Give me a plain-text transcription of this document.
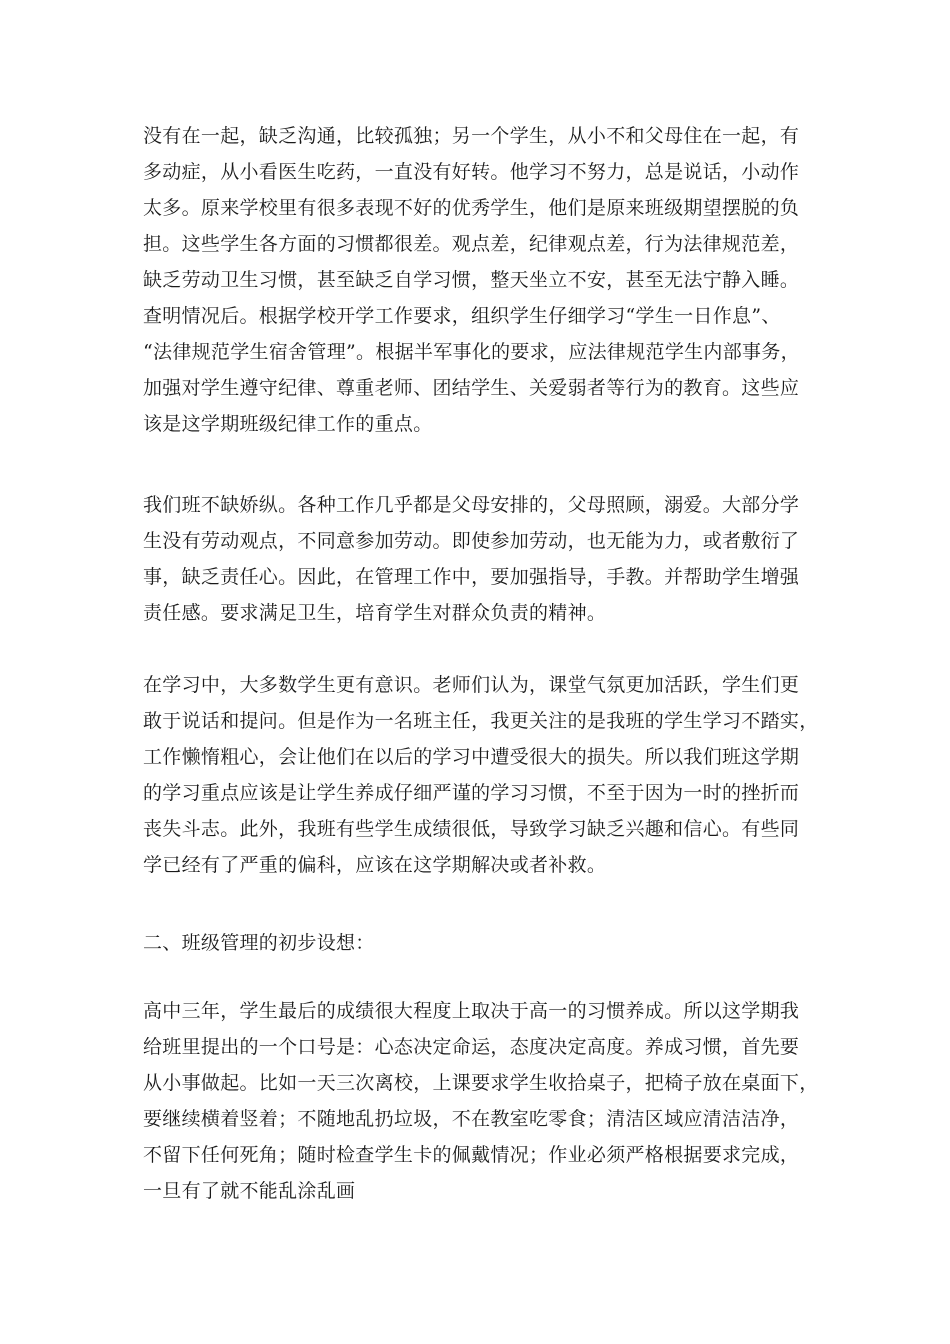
没有在一起，缺乏沟通，比较孤独；另一个学生，从小不和父母住在一起，有
多动症，从小看医生吃药，一直没有好转。他学习不努力，总是说话，小动作
太多。原来学校里有很多表现不好的优秀学生，他们是原来班级期望摆脱的负
担。这些学生各方面的习惯都很差。观点差，纪律观点差，行为法律规范差，
缺乏劳动卫生习惯，甚至缺乏自学习惯，整天坐立不安，甚至无法宁静入睡。
查明情况后。根据学校开学工作要求，组织学生仔细学习“学生一日作息”、
“法律规范学生宿舍管理”。根据半军事化的要求，应法律规范学生内部事务，
加强对学生遵守纪律、尊重老师、团结学生、关爱弱者等行为的教育。这些应
该是这学期班级纪律工作的重点。
我们班不缺娇纵。各种工作几乎都是父母安排的，父母照顾，溺爱。大部分学
生没有劳动观点，不同意参加劳动。即使参加劳动，也无能为力，或者敷衍了
事，缺乏责任心。因此，在管理工作中，要加强指导，手教。并帮助学生增强
责任感。要求满足卫生，培育学生对群众负责的精神。
在学习中，大多数学生更有意识。老师们认为，课堂气氛更加活跃，学生们更
敢于说话和提问。但是作为一名班主任，我更关注的是我班的学生学习不踏实，
工作懒惰粗心，会让他们在以后的学习中遭受很大的损失。所以我们班这学期
的学习重点应该是让学生养成仔细严谨的学习习惯，不至于因为一时的挫折而
丧失斗志。此外，我班有些学生成绩很低，导致学习缺乏兴趣和信心。有些同
学已经有了严重的偏科，应该在这学期解决或者补救。
二、班级管理的初步设想：
高中三年，学生最后的成绩很大程度上取决于高一的习惯养成。所以这学期我
给班里提出的一个口号是：心态决定命运，态度决定高度。养成习惯，首先要
从小事做起。比如一天三次离校，上课要求学生收拾桌子，把椅子放在桌面下，
要继续横着竖着；不随地乱扔垃圾，不在教室吃零食；清洁区域应清洁洁净，
不留下任何死角；随时检查学生卡的佩戴情况；作业必须严格根据要求完成，
一旦有了就不能乱涂乱画
